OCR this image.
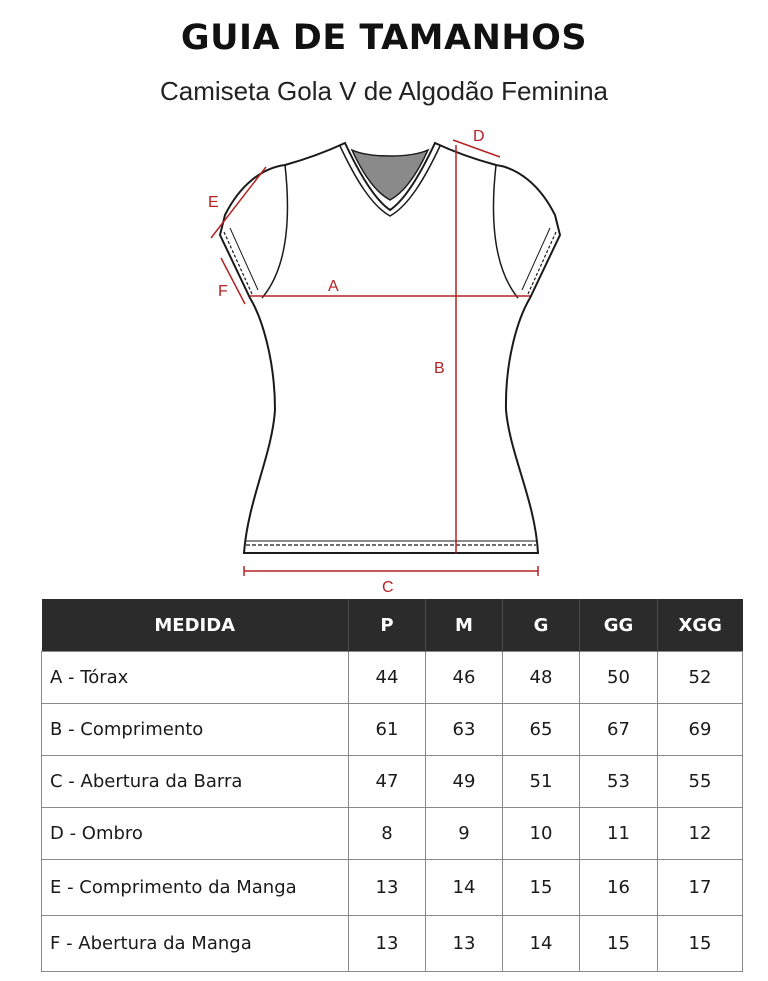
GUIA DE TAMANHOS
Camiseta Gola V de Algodão Feminina
A
B
C
D
E
F
MEDIDA	P	M	G	GG	XGG
A - Tórax	44	46	48	50	52
B - Comprimento	61	63	65	67	69
C - Abertura da Barra	47	49	51	53	55
D - Ombro	8	9	10	11	12
E - Comprimento da Manga	13	14	15	16	17
F - Abertura da Manga	13	13	14	15	15
